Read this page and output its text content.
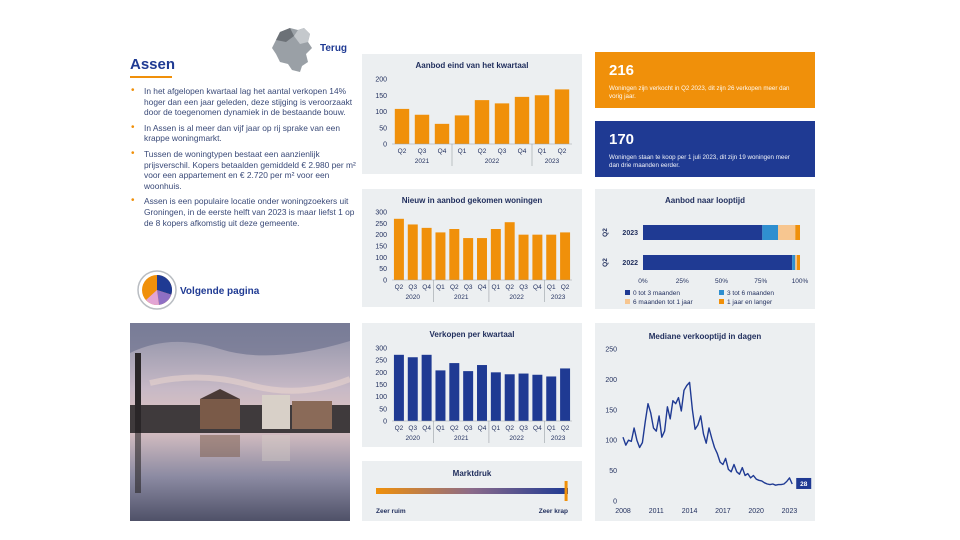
Assen
• In het afgelopen kwartaal lag het aantal verkopen 14% hoger dan een jaar geleden, deze stijging is veroorzaakt door de toegenomen dynamiek in de bestaande bouw.
• In Assen is al meer dan vijf jaar op rij sprake van een krappe woningmarkt.
• Tussen de woningtypen bestaat een aanzienlijk prijsverschil. Kopers betaalden gemiddeld € 2.980 per m² voor een appartement en € 2.720 per m² voor een woonhuis.
• Assen is een populaire locatie onder woningzoekers uit Groningen, in de eerste helft van 2023 is maar liefst 1 op de 8 kopers afkomstig uit deze gemeente.
Terug
Volgende pagina
Aanbod eind van het kwartaal
0
50
100
150
200
Q2 Q3 Q4 Q1 Q2 Q3 Q4 Q1 Q2
2021	2022	2023
Nieuw in aanbod gekomen woningen
0
50
100
150
200
250
300
Q2 Q3 Q4 Q1 Q2 Q3 Q4 Q1 Q2 Q3 Q4 Q1 Q2
2020	2021	2022	2023
Verkopen per kwartaal
0
50
100
150
200
250
300
Q2 Q3 Q4 Q1 Q2 Q3 Q4 Q1 Q2 Q3 Q4 Q1 Q2
2020	2021	2022	2023
Marktdruk
Zeer ruim	Zeer krap
216
Woningen zijn verkocht in Q2 2023, dit zijn 26 verkopen meer dan vorig jaar.
170
Woningen staan te koop per 1 juli 2023, dit zijn 19 woningen meer dan drie maanden eerder.
Aanbod naar looptijd
Q2 2023
Q2 2022
0%	25%	50%	75%	100%
0 tot 3 maanden	3 tot 6 maanden
6 maanden tot 1 jaar	1 jaar en langer
Mediane verkooptijd in dagen
0
50
100
150
200
250
2008	2011	2014	2017	2020	2023
28
